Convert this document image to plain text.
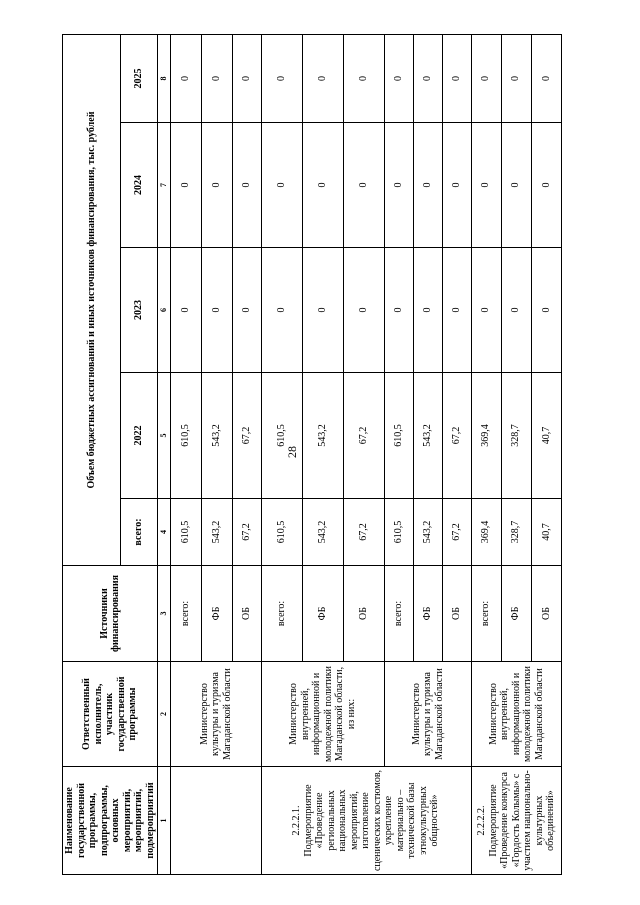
28
Наименование государственной программы, подпрограммы, основных мероприятий, мероприятий, подмероприятий	Ответственный исполнитель, участник государственной программы	Источники финансирования	Объем бюджетных ассигнований и иных источников финансирования, тыс. рублей				
			всего:	2022	2023	2024	2025
1	2	3	4	5	6	7	8
	Министерство культуры и туризма Магаданской области	всего:	610,5	610,5	0	0	0
		ФБ	543,2	543,2	0	0	0
		ОБ	67,2	67,2	0	0	0
2.2.2.1. Подмероприятие «Проведение региональных национальных мероприятий, изготовление сценических костюмов, укрепление материально – технической базы этнокультурных общностей»	Министерство внутренней, информационной и молодежной политики Магаданской области, из них:	всего:	610,5	610,5	0	0	0
		ФБ	543,2	543,2	0	0	0
		ОБ	67,2	67,2	0	0	0
	Министерство культуры и туризма Магаданской области	всего:	610,5	610,5	0	0	0
		ФБ	543,2	543,2	0	0	0
		ОБ	67,2	67,2	0	0	0
2.2.2.2. Подмероприятие «Проведение конкурса «Гордость Колымы» с участием национально-культурных объединений»	Министерство внутренней, информационной и молодежной политики Магаданской области	всего:	369,4	369,4	0	0	0
		ФБ	328,7	328,7	0	0	0
		ОБ	40,7	40,7	0	0	0
